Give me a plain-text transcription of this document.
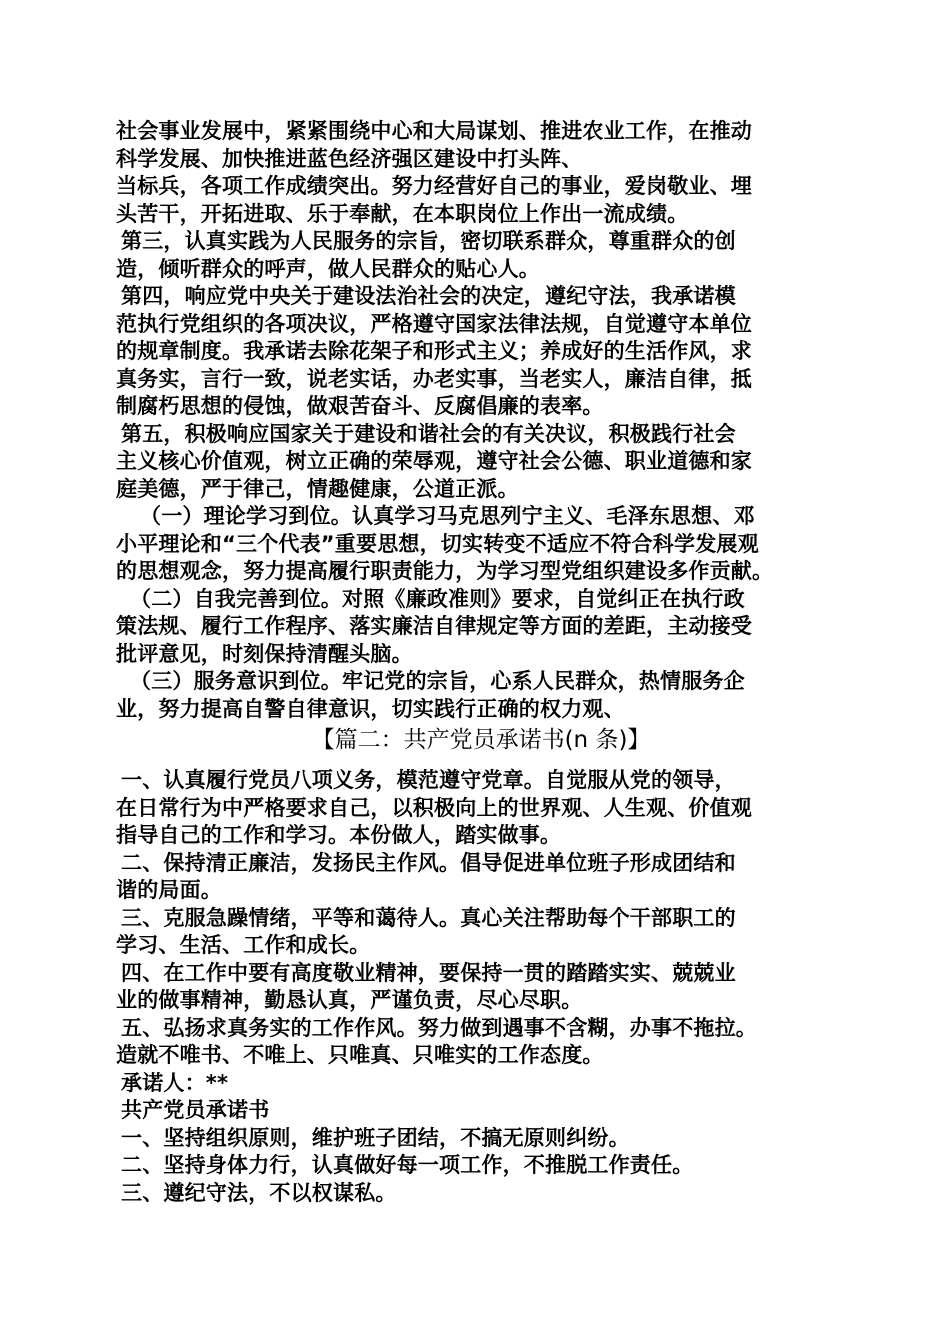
社会事业发展中，紧紧围绕中心和大局谋划、推进农业工作，在推动
科学发展、加快推进蓝色经济强区建设中打头阵、
当标兵，各项工作成绩突出。努力经营好自己的事业，爱岗敬业、埋
头苦干，开拓进取、乐于奉献，在本职岗位上作出一流成绩。
第三，认真实践为人民服务的宗旨，密切联系群众，尊重群众的创
造，倾听群众的呼声，做人民群众的贴心人。
第四，响应党中央关于建设法治社会的决定，遵纪守法，我承诺模
范执行党组织的各项决议，严格遵守国家法律法规，自觉遵守本单位
的规章制度。我承诺去除花架子和形式主义；养成好的生活作风，求
真务实，言行一致，说老实话，办老实事，当老实人，廉洁自律，抵
制腐朽思想的侵蚀，做艰苦奋斗、反腐倡廉的表率。
第五，积极响应国家关于建设和谐社会的有关决议，积极践行社会
主义核心价值观，树立正确的荣辱观，遵守社会公德、职业道德和家
庭美德，严于律己，情趣健康，公道正派。
（一）理论学习到位。认真学习马克思列宁主义、毛泽东思想、邓
小平理论和“三个代表”重要思想，切实转变不适应不符合科学发展观
的思想观念，努力提高履行职责能力，为学习型党组织建设多作贡献。
（二）自我完善到位。对照《廉政准则》要求，自觉纠正在执行政
策法规、履行工作程序、落实廉洁自律规定等方面的差距，主动接受
批评意见，时刻保持清醒头脑。
（三）服务意识到位。牢记党的宗旨，心系人民群众，热情服务企
业，努力提高自警自律意识，切实践行正确的权力观、
【篇二：共产党员承诺书(n 条)】
一、认真履行党员八项义务，模范遵守党章。自觉服从党的领导，
在日常行为中严格要求自己，以积极向上的世界观、人生观、价值观
指导自己的工作和学习。本份做人，踏实做事。
二、保持清正廉洁，发扬民主作风。倡导促进单位班子形成团结和
谐的局面。
三、克服急躁情绪，平等和蔼待人。真心关注帮助每个干部职工的
学习、生活、工作和成长。
四、在工作中要有高度敬业精神，要保持一贯的踏踏实实、兢兢业
业的做事精神，勤恳认真，严谨负责，尽心尽职。
五、弘扬求真务实的工作作风。努力做到遇事不含糊，办事不拖拉。
造就不唯书、不唯上、只唯真、只唯实的工作态度。
承诺人：**
共产党员承诺书
一、坚持组织原则，维护班子团结，不搞无原则纠纷。
二、坚持身体力行，认真做好每一项工作，不推脱工作责任。
三、遵纪守法，不以权谋私。
